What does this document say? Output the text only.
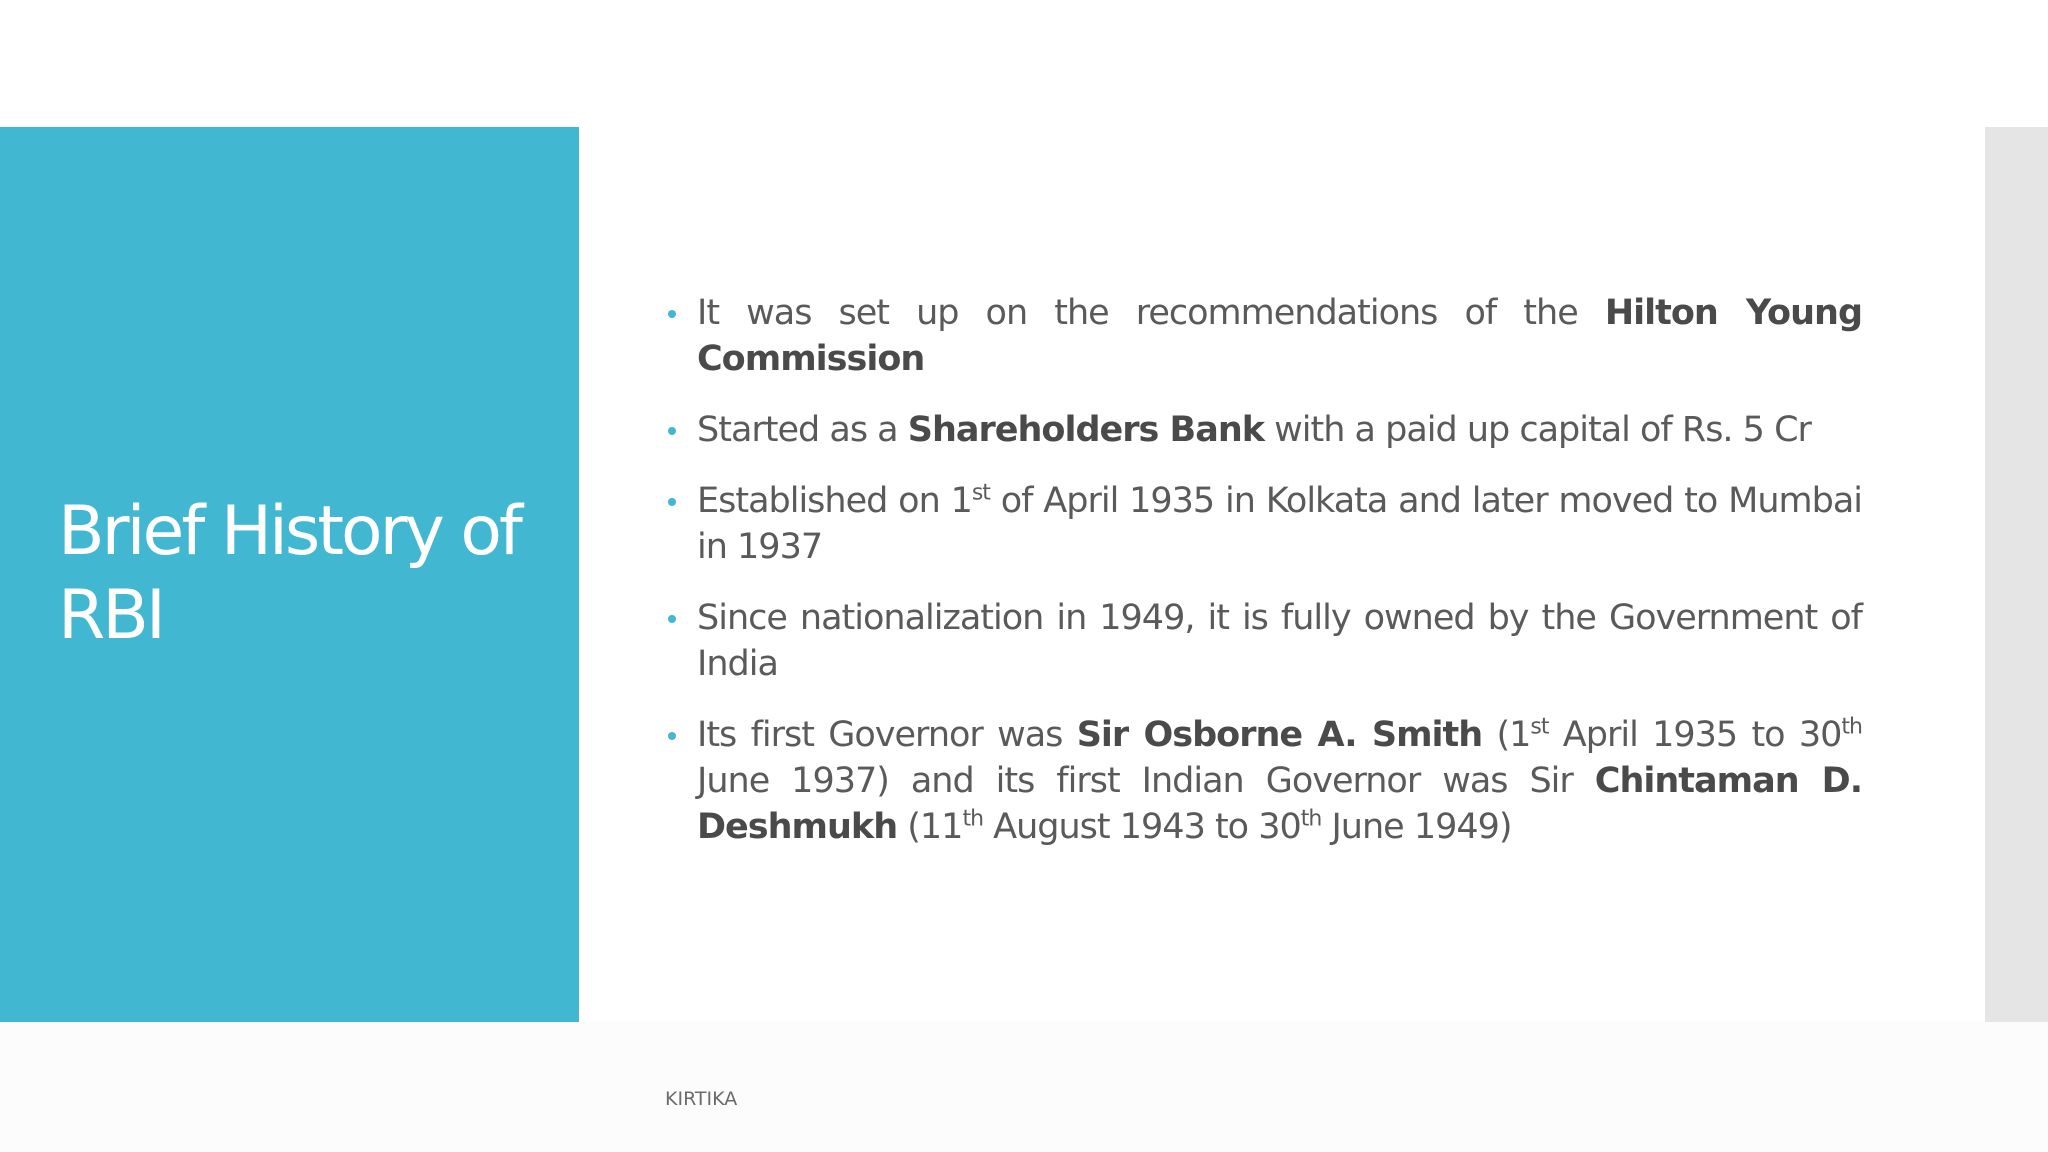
Brief History of RBI
It was set up on the recommendations of the Hilton Young Commission
Started as a Shareholders Bank with a paid up capital of Rs. 5 Cr
Established on 1st of April 1935 in Kolkata and later moved to Mumbai in 1937
Since nationalization in 1949, it is fully owned by the Government of India
Its first Governor was Sir Osborne A. Smith (1st April 1935 to 30th June 1937) and its first Indian Governor was Sir Chintaman D. Deshmukh (11th August 1943 to 30th June 1949)
KIRTIKA
